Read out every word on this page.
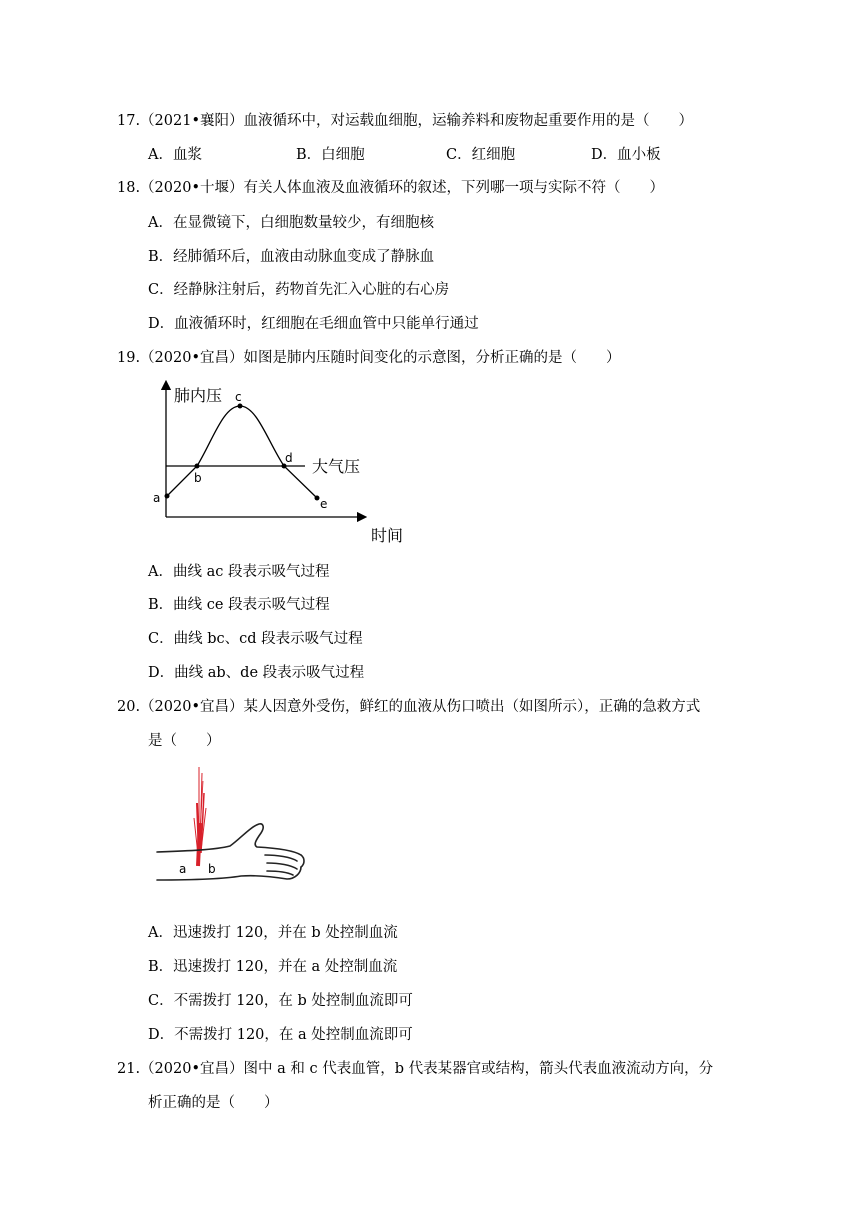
17.（2021•襄阳）血液循环中，对运载血细胞，运输养料和废物起重要作用的是（　　）
A．血浆	B．白细胞	C．红细胞	D．血小板
18.（2020•十堰）有关人体血液及血液循环的叙述，下列哪一项与实际不符（　　）
A．在显微镜下，白细胞数量较少，有细胞核
B．经肺循环后，血液由动脉血变成了静脉血
C．经静脉注射后，药物首先汇入心脏的右心房
D．血液循环时，红细胞在毛细血管中只能单行通过
19.（2020•宜昌）如图是肺内压随时间变化的示意图，分析正确的是（　　）
肺内压
时间
大气压
a
b
c
d
e
A．曲线 ac 段表示吸气过程
B．曲线 ce 段表示吸气过程
C．曲线 bc、cd 段表示吸气过程
D．曲线 ab、de 段表示吸气过程
20.（2020•宜昌）某人因意外受伤，鲜红的血液从伤口喷出（如图所示），正确的急救方式
是（　　）
a b
A．迅速拨打 120，并在 b 处控制血流
B．迅速拨打 120，并在 a 处控制血流
C．不需拨打 120，在 b 处控制血流即可
D．不需拨打 120，在 a 处控制血流即可
21.（2020•宜昌）图中 a 和 c 代表血管，b 代表某器官或结构，箭头代表血液流动方向，分
析正确的是（　　）
